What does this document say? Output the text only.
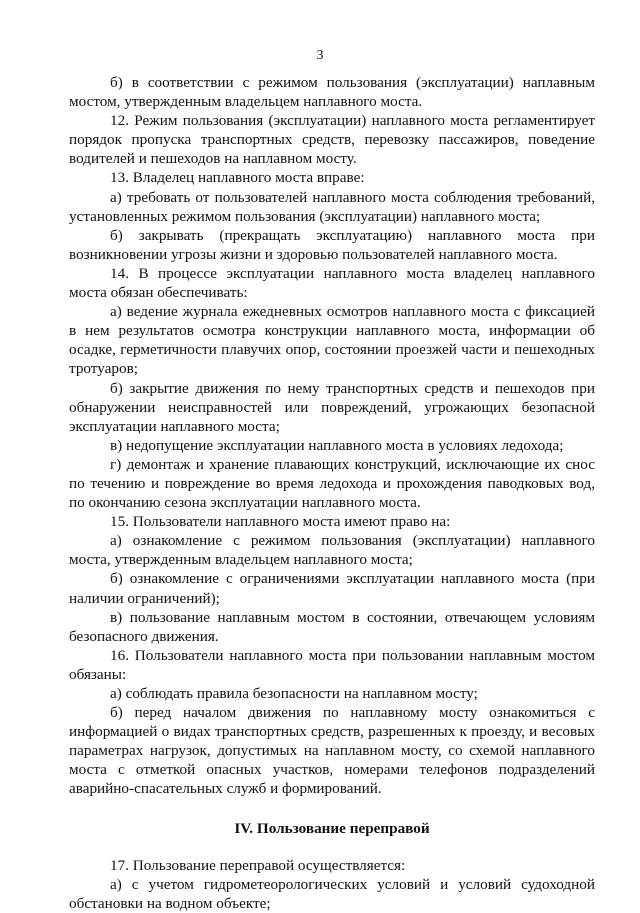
3

б) в соответствии с режимом пользования (эксплуатации) наплавным мостом, утвержденным владельцем наплавного моста.

12. Режим пользования (эксплуатации) наплавного моста регламентирует порядок пропуска транспортных средств, перевозку пассажиров, поведение водителей и пешеходов на наплавном мосту.

13. Владелец наплавного моста вправе:

а) требовать от пользователей наплавного моста соблюдения требований, установленных режимом пользования (эксплуатации) наплавного моста;

б) закрывать (прекращать эксплуатацию) наплавного моста при возникновении угрозы жизни и здоровью пользователей наплавного моста.

14. В процессе эксплуатации наплавного моста владелец наплавного моста обязан обеспечивать:

а) ведение журнала ежедневных осмотров наплавного моста с фиксацией в нем результатов осмотра конструкции наплавного моста, информации об осадке, герметичности плавучих опор, состоянии проезжей части и пешеходных тротуаров;

б) закрытие движения по нему транспортных средств и пешеходов при обнаружении неисправностей или повреждений, угрожающих безопасной эксплуатации наплавного моста;

в) недопущение эксплуатации наплавного моста в условиях ледохода;

г) демонтаж и хранение плавающих конструкций, исключающие их снос по течению и повреждение во время ледохода и прохождения паводковых вод, по окончанию сезона эксплуатации наплавного моста.

15. Пользователи наплавного моста имеют право на:

а) ознакомление с режимом пользования (эксплуатации) наплавного моста, утвержденным владельцем наплавного моста;

б) ознакомление с ограничениями эксплуатации наплавного моста (при наличии ограничений);

в) пользование наплавным мостом в состоянии, отвечающем условиям безопасного движения.

16. Пользователи наплавного моста при пользовании наплавным мостом обязаны:

а) соблюдать правила безопасности на наплавном мосту;

б) перед началом движения по наплавному мосту ознакомиться с информацией о видах транспортных средств, разрешенных к проезду, и весовых параметрах нагрузок, допустимых на наплавном мосту, со схемой наплавного моста с отметкой опасных участков, номерами телефонов подразделений аварийно-спасательных служб и формирований.

IV. Пользование переправой

17. Пользование переправой осуществляется:

а) с учетом гидрометеорологических условий и условий судоходной обстановки на водном объекте;
